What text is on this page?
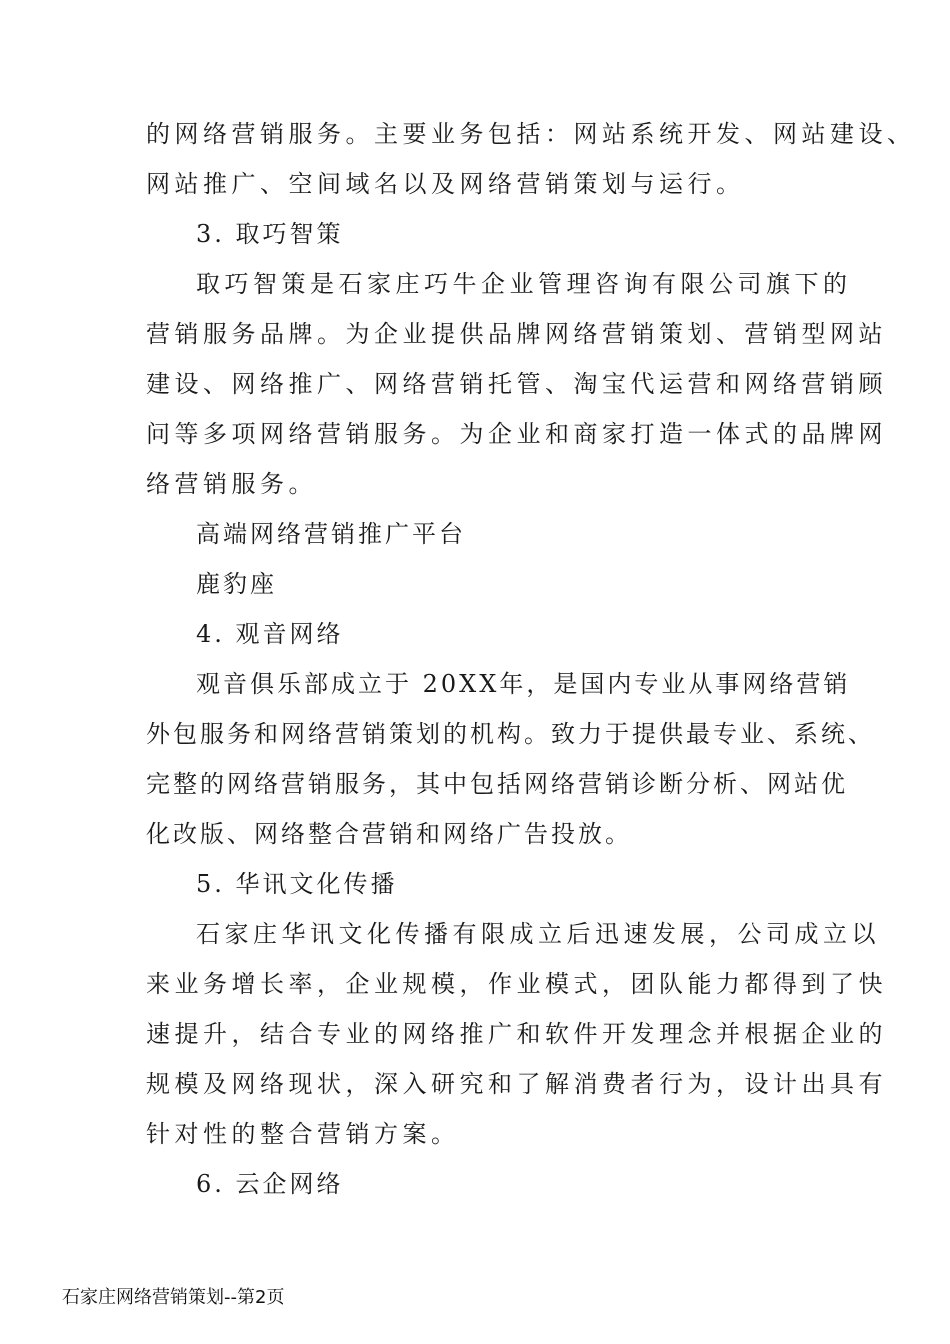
的网络营销服务。主要业务包括：网站系统开发、网站建设、
网站推广、空间域名以及网络营销策划与运行。
3. 取巧智策
取巧智策是石家庄巧牛企业管理咨询有限公司旗下的
营销服务品牌。为企业提供品牌网络营销策划、营销型网站
建设、网络推广、网络营销托管、淘宝代运营和网络营销顾
问等多项网络营销服务。为企业和商家打造一体式的品牌网
络营销服务。
高端网络营销推广平台
鹿豹座
4. 观音网络
观音俱乐部成立于 20XX年，是国内专业从事网络营销
外包服务和网络营销策划的机构。致力于提供最专业、系统、
完整的网络营销服务，其中包括网络营销诊断分析、网站优
化改版、网络整合营销和网络广告投放。
5. 华讯文化传播
石家庄华讯文化传播有限成立后迅速发展，公司成立以
来业务增长率，企业规模，作业模式，团队能力都得到了快
速提升，结合专业的网络推广和软件开发理念并根据企业的
规模及网络现状，深入研究和了解消费者行为，设计出具有
针对性的整合营销方案。
6. 云企网络
石家庄网络营销策划--第2页
